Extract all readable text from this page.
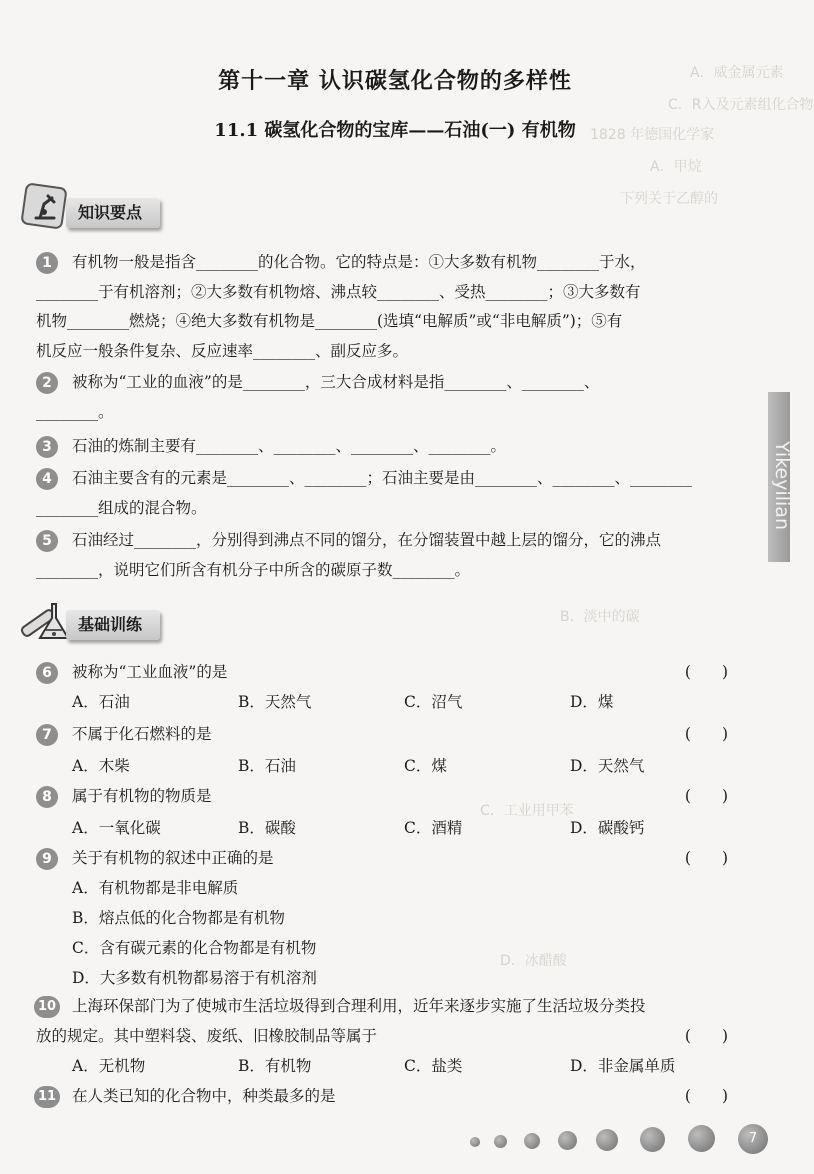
A．威金属元素
C．R入及元素组化合物
1828 年德国化学家
A．甲烷
下列关于乙醇的
B．淡中的碳
C．工业用甲苯
D．冰醋酸
第十一章 认识碳氢化合物的多样性
11.1 碳氢化合物的宝库——石油(一) 有机物
知识要点
1	有机物一般是指含________的化合物。它的特点是：①大多数有机物________于水，
________于有机溶剂；②大多数有机物熔、沸点较________、受热________；③大多数有
机物________燃烧；④绝大多数有机物是________(选填“电解质”或“非电解质”)；⑤有
机反应一般条件复杂、反应速率________、副反应多。
2	被称为“工业的血液”的是________，三大合成材料是指________、________、
________。
3	石油的炼制主要有________、________、________、________。
4	石油主要含有的元素是________、________；石油主要是由________、________、________
________组成的混合物。
5	石油经过________，分别得到沸点不同的馏分，在分馏装置中越上层的馏分，它的沸点
________，说明它们所含有机分子中所含的碳原子数________。
基础训练
6	被称为“工业血液”的是	(　　)
A．石油	B．天然气	C．沼气	D．煤
7	不属于化石燃料的是	(　　)
A．木柴	B．石油	C．煤	D．天然气
8	属于有机物的物质是	(　　)
A．一氧化碳	B．碳酸	C．酒精	D．碳酸钙
9	关于有机物的叙述中正确的是	(　　)
A．有机物都是非电解质
B．熔点低的化合物都是有机物
C．含有碳元素的化合物都是有机物
D．大多数有机物都易溶于有机溶剂
10 上海环保部门为了使城市生活垃圾得到合理利用，近年来逐步实施了生活垃圾分类投
放的规定。其中塑料袋、废纸、旧橡胶制品等属于	(　　)
A．无机物	B．有机物	C．盐类	D．非金属单质
11 在人类已知的化合物中，种类最多的是	(　　)
Yikeyilian
7
